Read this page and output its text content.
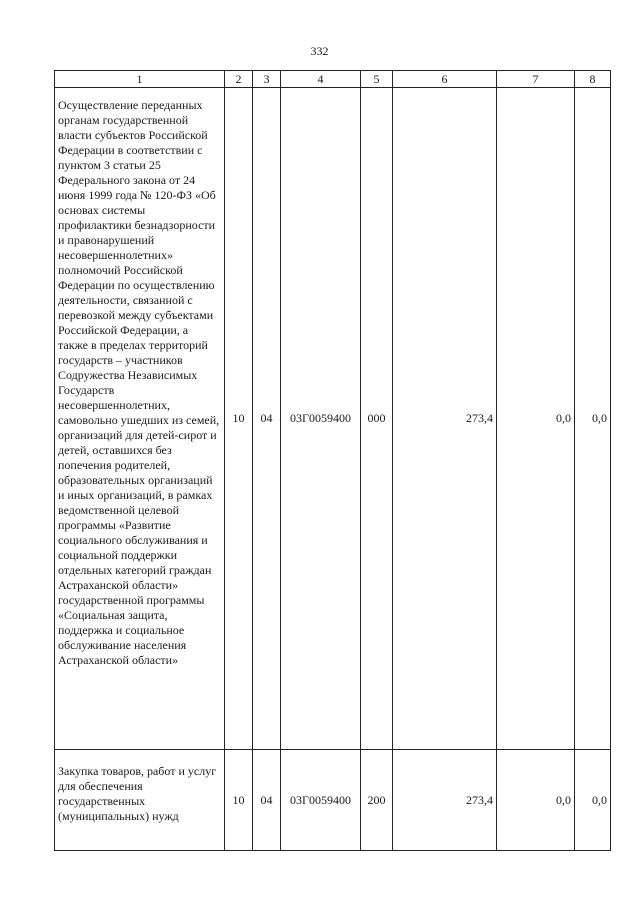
332
1	2	3	4	5	6	7	8
Осуществление переданных органам государственной власти субъектов Российской Федерации в соответствии с пунктом 3 статьи 25 Федерального закона от 24 июня 1999 года № 120-ФЗ «Об основах системы профилактики безнадзорности и правонарушений несовершеннолетних» полномочий Российской Федерации по осуществлению деятельности, связанной с перевозкой между субъектами Российской Федерации, а также в пределах территорий государств – участников Содружества Независимых Государств несовершеннолетних, самовольно ушедших из семей, организаций для детей-сирот и детей, оставшихся без попечения родителей, образовательных организаций и иных организаций, в рамках ведомственной целевой программы «Развитие социального обслуживания и социальной поддержки отдельных категорий граждан Астраханской области» государственной программы «Социальная защита, поддержка и социальное обслуживание населения Астраханской области»	10	04	03Г0059400	000	273,4	0,0	0,0
Закупка товаров, работ и услуг для обеспечения государственных (муниципальных) нужд	10	04	03Г0059400	200	273,4	0,0	0,0
